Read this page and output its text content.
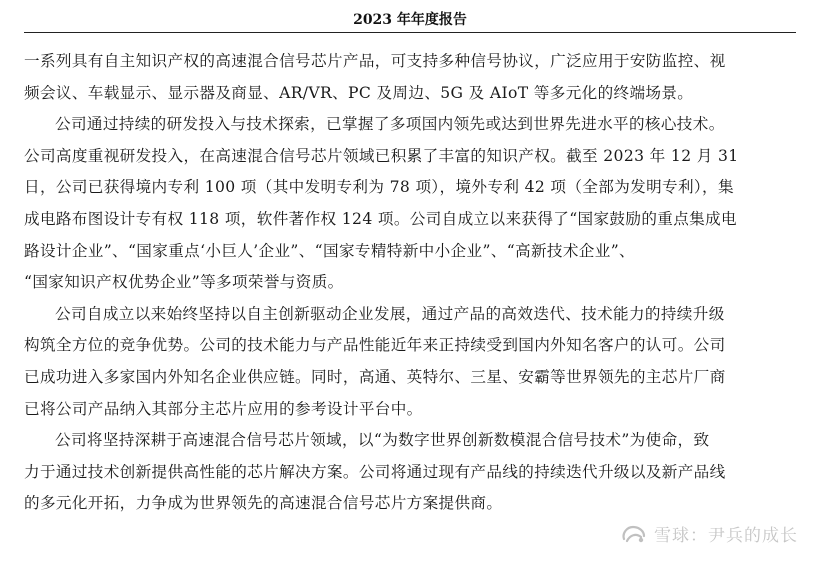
2023 年年度报告
一系列具有自主知识产权的高速混合信号芯片产品，可支持多种信号协议，广泛应用于安防监控、视
频会议、车载显示、显示器及商显、AR/VR、PC 及周边、5G 及 AIoT 等多元化的终端场景。
公司通过持续的研发投入与技术探索，已掌握了多项国内领先或达到世界先进水平的核心技术。
公司高度重视研发投入，在高速混合信号芯片领域已积累了丰富的知识产权。截至 2023 年 12 月 31
日，公司已获得境内专利 100 项（其中发明专利为 78 项），境外专利 42 项（全部为发明专利），集
成电路布图设计专有权 118 项，软件著作权 124 项。公司自成立以来获得了“国家鼓励的重点集成电
路设计企业”、“国家重点‘小巨人’企业”、“国家专精特新中小企业”、“高新技术企业”、
“国家知识产权优势企业”等多项荣誉与资质。
公司自成立以来始终坚持以自主创新驱动企业发展，通过产品的高效迭代、技术能力的持续升级
构筑全方位的竞争优势。公司的技术能力与产品性能近年来正持续受到国内外知名客户的认可。公司
已成功进入多家国内外知名企业供应链。同时，高通、英特尔、三星、安霸等世界领先的主芯片厂商
已将公司产品纳入其部分主芯片应用的参考设计平台中。
公司将坚持深耕于高速混合信号芯片领域，以“为数字世界创新数模混合信号技术”为使命，致
力于通过技术创新提供高性能的芯片解决方案。公司将通过现有产品线的持续迭代升级以及新产品线
的多元化开拓，力争成为世界领先的高速混合信号芯片方案提供商。
雪球：尹兵的成长
